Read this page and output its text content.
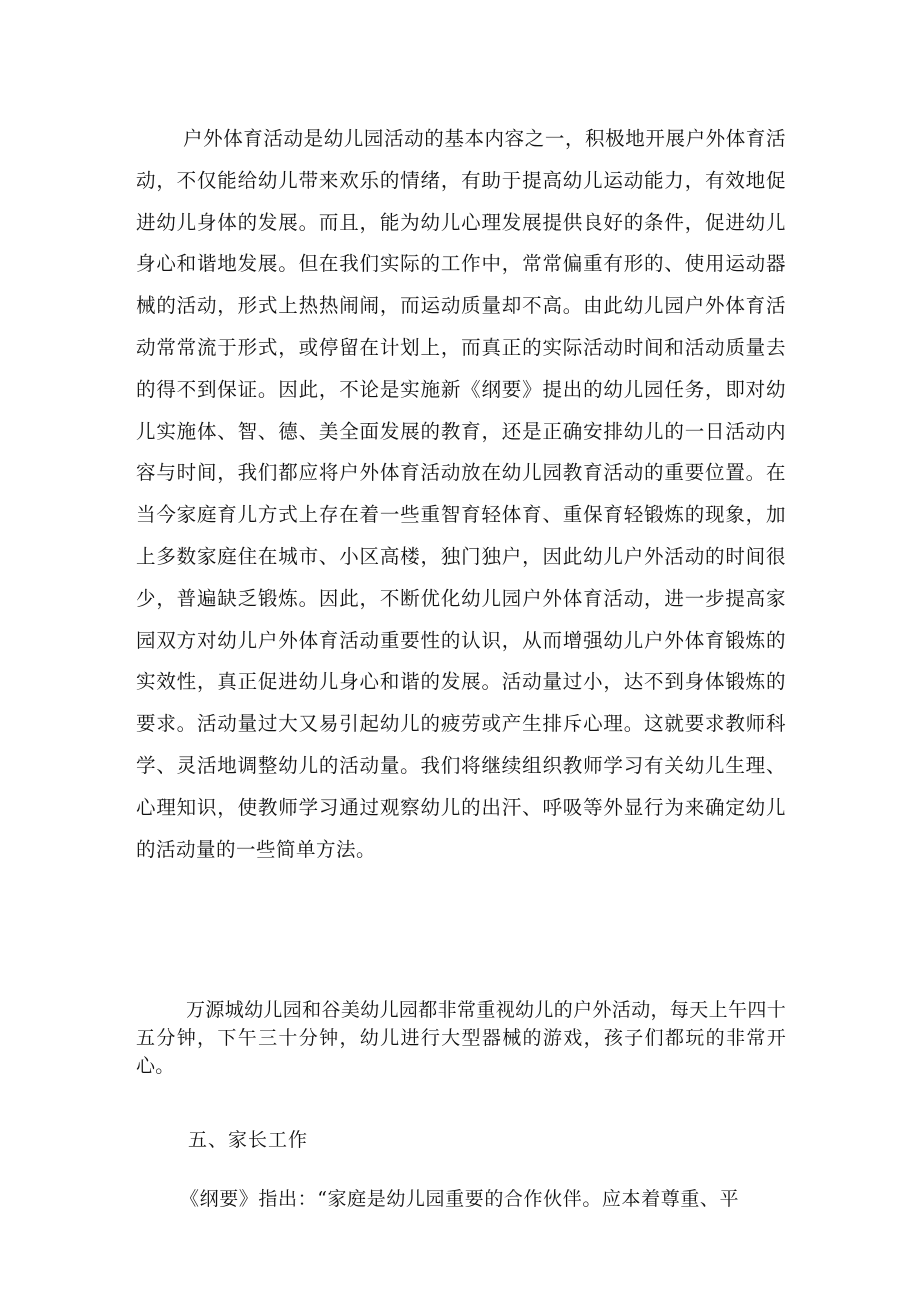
户外体育活动是幼儿园活动的基本内容之一，积极地开展户外体育活动，不仅能给幼儿带来欢乐的情绪，有助于提高幼儿运动能力，有效地促进幼儿身体的发展。而且，能为幼儿心理发展提供良好的条件，促进幼儿身心和谐地发展。但在我们实际的工作中，常常偏重有形的、使用运动器械的活动，形式上热热闹闹，而运动质量却不高。由此幼儿园户外体育活动常常流于形式，或停留在计划上，而真正的实际活动时间和活动质量去的得不到保证。因此，不论是实施新《纲要》提出的幼儿园任务，即对幼儿实施体、智、德、美全面发展的教育，还是正确安排幼儿的一日活动内容与时间，我们都应将户外体育活动放在幼儿园教育活动的重要位置。在当今家庭育儿方式上存在着一些重智育轻体育、重保育轻锻炼的现象，加上多数家庭住在城市、小区高楼，独门独户，因此幼儿户外活动的时间很少，普遍缺乏锻炼。因此，不断优化幼儿园户外体育活动，进一步提高家园双方对幼儿户外体育活动重要性的认识，从而增强幼儿户外体育锻炼的实效性，真正促进幼儿身心和谐的发展。活动量过小，达不到身体锻炼的要求。活动量过大又易引起幼儿的疲劳或产生排斥心理。这就要求教师科学、灵活地调整幼儿的活动量。我们将继续组织教师学习有关幼儿生理、心理知识，使教师学习通过观察幼儿的出汗、呼吸等外显行为来确定幼儿的活动量的一些简单方法。

万源城幼儿园和谷美幼儿园都非常重视幼儿的户外活动，每天上午四十五分钟，下午三十分钟，幼儿进行大型器械的游戏，孩子们都玩的非常开心。

五、家长工作

《纲要》指出：“家庭是幼儿园重要的合作伙伴。应本着尊重、平
